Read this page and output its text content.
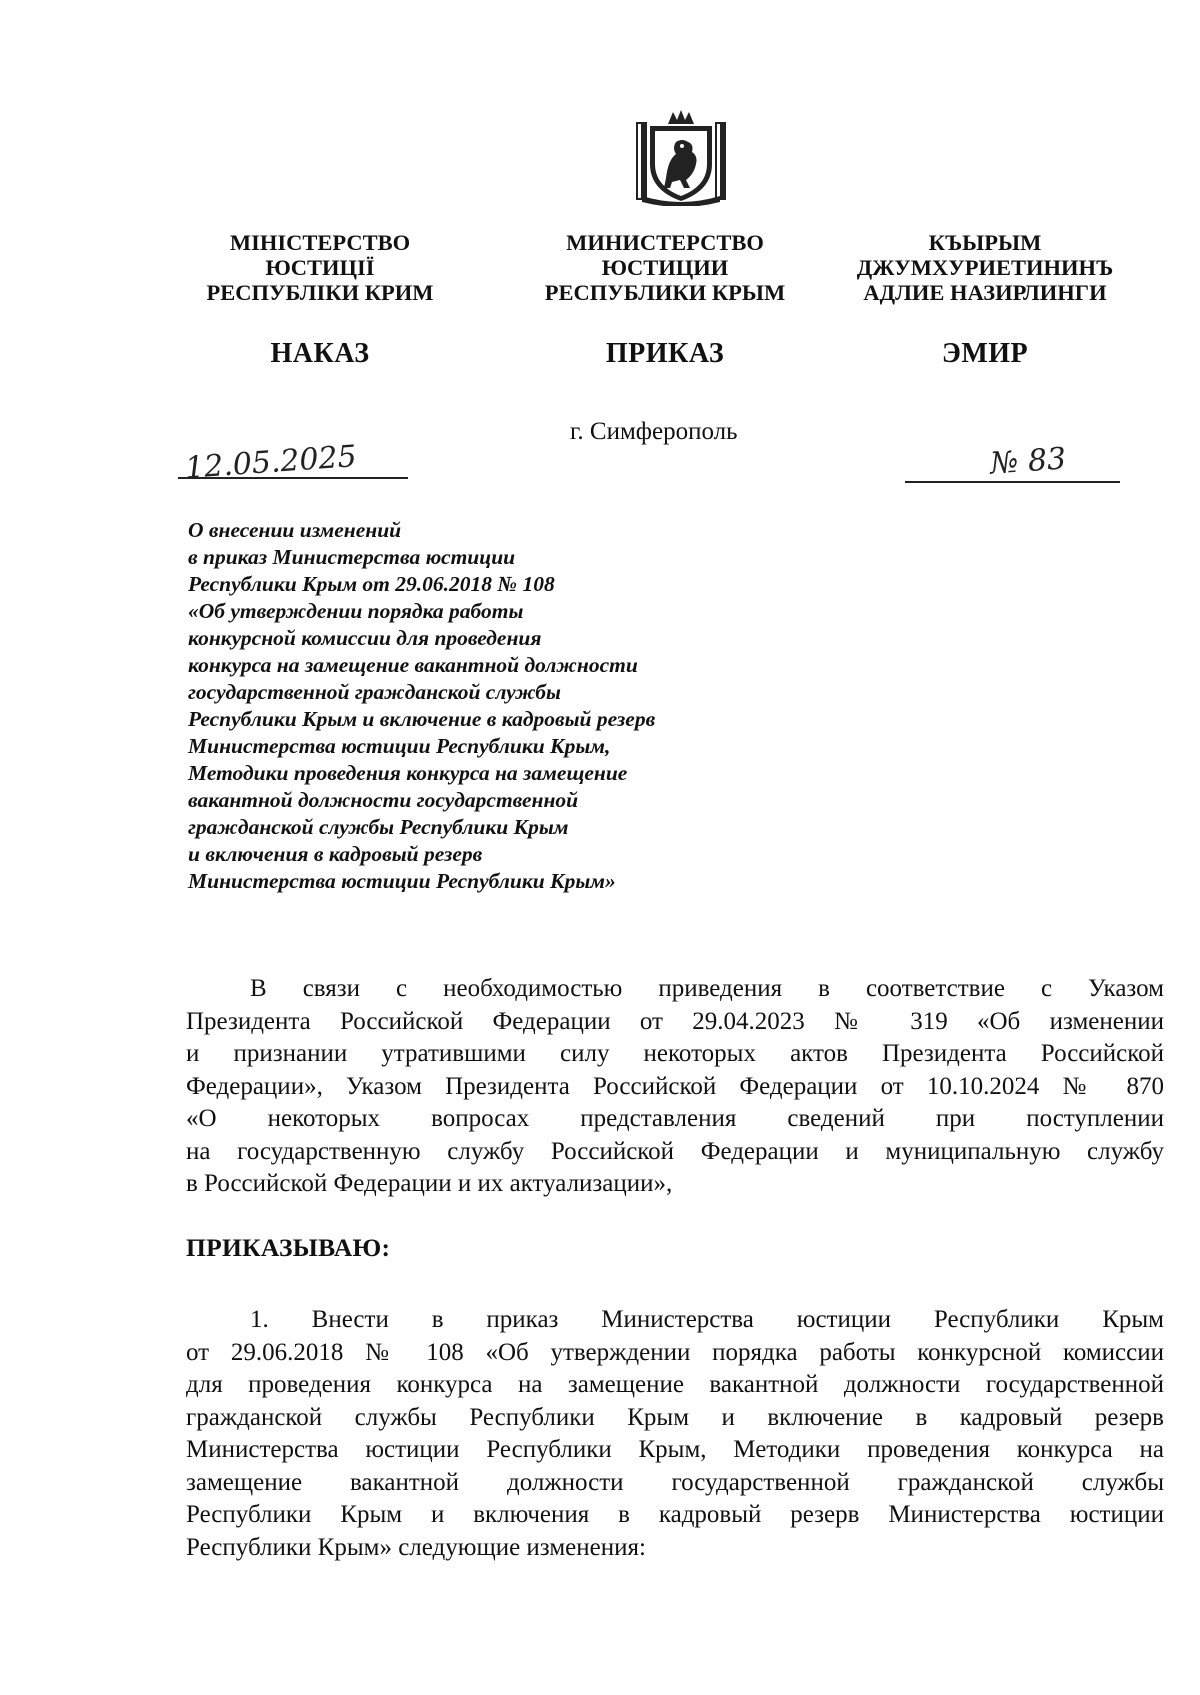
МІНІСТЕРСТВО
ЮСТИЦІЇ
РЕСПУБЛІКИ КРИМ
НАКАЗ
МИНИСТЕРСТВО
ЮСТИЦИИ
РЕСПУБЛИКИ КРЫМ
ПРИКАЗ
КЪЫРЫМ
ДЖУМХУРИЕТИНИНЪ
АДЛИЕ НАЗИРЛИНГИ
ЭМИР
г. Симферополь
12.05.2025	№ 83
О внесении изменений
в приказ Министерства юстиции
Республики Крым от 29.06.2018 № 108
«Об утверждении порядка работы
конкурсной комиссии для проведения
конкурса на замещение вакантной должности
государственной гражданской службы
Республики Крым и включение в кадровый резерв
Министерства юстиции Республики Крым,
Методики проведения конкурса на замещение
вакантной должности государственной
гражданской службы Республики Крым
и включения в кадровый резерв
Министерства юстиции Республики Крым»
В связи с необходимостью приведения в соответствие с Указом
Президента Российской Федерации от 29.04.2023 № 319 «Об изменении
и признании утратившими силу некоторых актов Президента Российской
Федерации», Указом Президента Российской Федерации от 10.10.2024 № 870
«О некоторых вопросах представления сведений при поступлении
на государственную службу Российской Федерации и муниципальную службу
в Российской Федерации и их актуализации»,
ПРИКАЗЫВАЮ:
1. Внести в приказ Министерства юстиции Республики Крым
от 29.06.2018 № 108 «Об утверждении порядка работы конкурсной комиссии
для проведения конкурса на замещение вакантной должности государственной
гражданской службы Республики Крым и включение в кадровый резерв
Министерства юстиции Республики Крым, Методики проведения конкурса на
замещение вакантной должности государственной гражданской службы
Республики Крым и включения в кадровый резерв Министерства юстиции
Республики Крым» следующие изменения:
